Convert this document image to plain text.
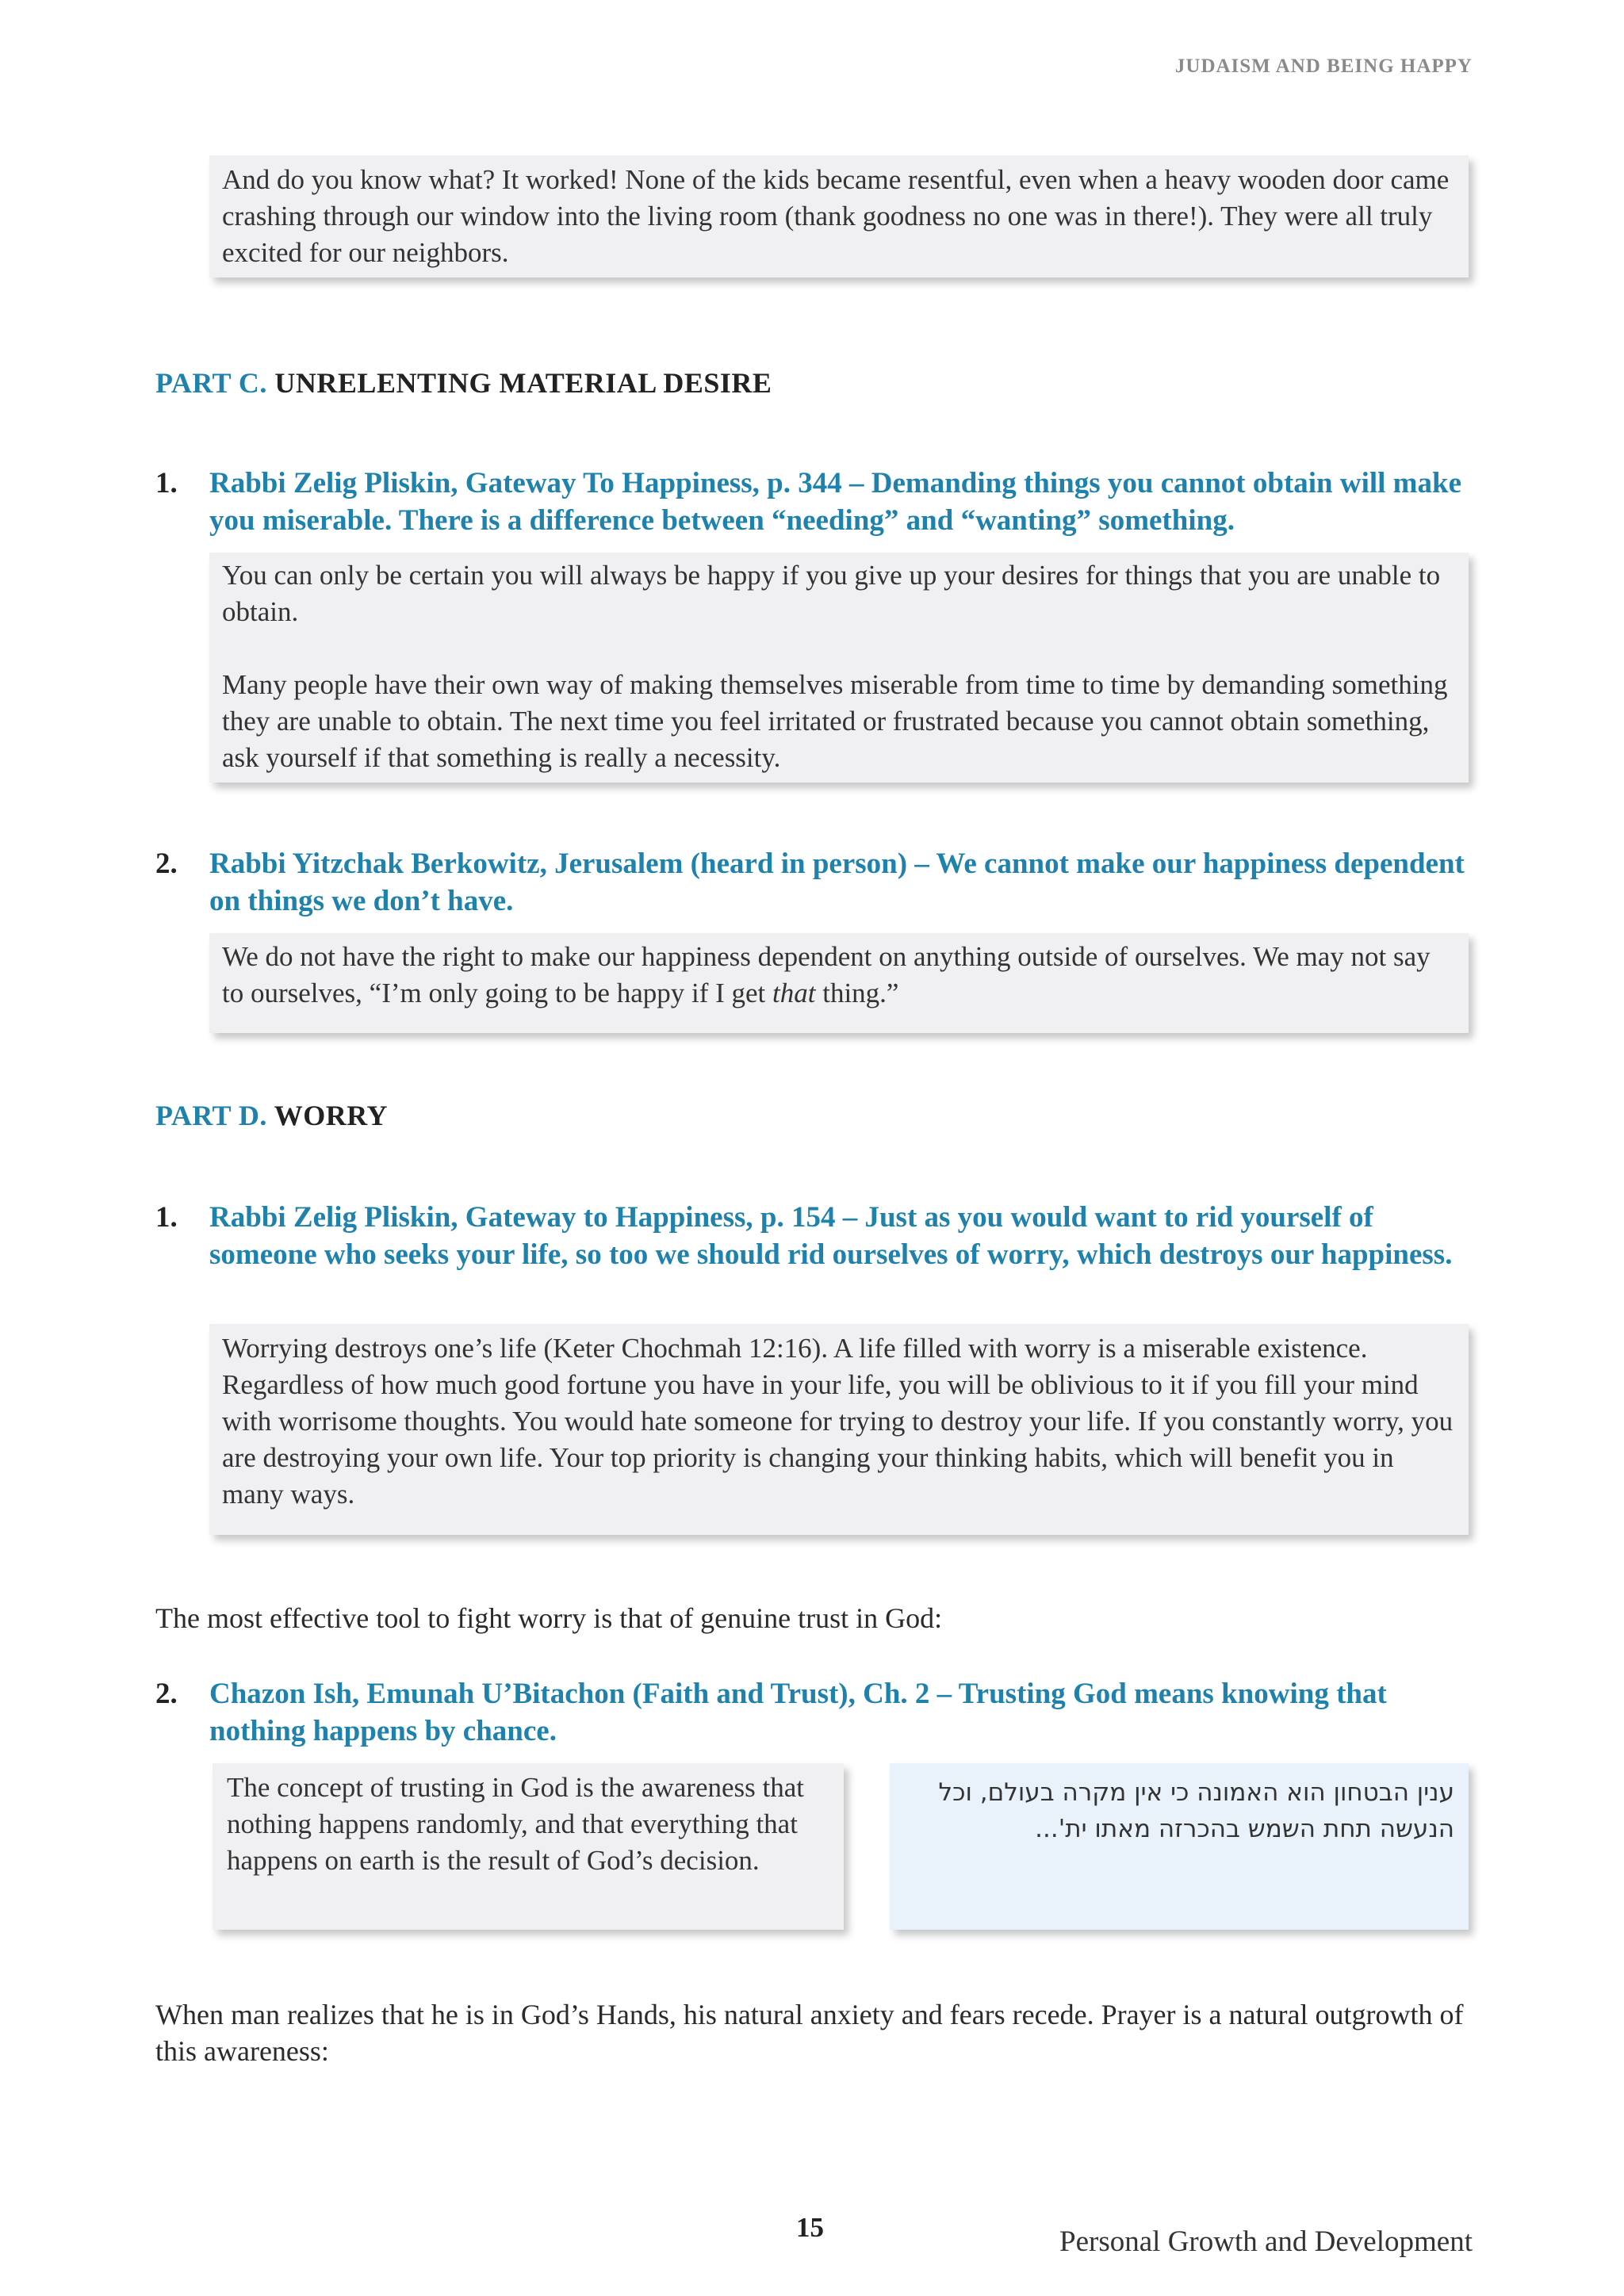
JUDAISM AND BEING HAPPY

And do you know what? It worked! None of the kids became resentful, even when a heavy wooden door came crashing through our window into the living room (thank goodness no one was in there!). They were all truly excited for our neighbors.

PART C. UNRELENTING MATERIAL DESIRE
1.	Rabbi Zelig Pliskin, Gateway To Happiness, p. 344 – Demanding things you cannot obtain will make you miserable. There is a difference between “needing” and “wanting” something.

You can only be certain you will always be happy if you give up your desires for things that you are unable to obtain.

Many people have their own way of making themselves miserable from time to time by demanding something they are unable to obtain. The next time you feel irritated or frustrated because you cannot obtain something, ask yourself if that something is really a necessity.

2.	Rabbi Yitzchak Berkowitz, Jerusalem (heard in person) – We cannot make our happiness dependent on things we don’t have.

We do not have the right to make our happiness dependent on anything outside of ourselves. We may not say to ourselves, “I’m only going to be happy if I get that thing.”

PART D. WORRY
1.	Rabbi Zelig Pliskin, Gateway to Happiness, p. 154 – Just as you would want to rid yourself of someone who seeks your life, so too we should rid ourselves of worry, which destroys our happiness.

Worrying destroys one’s life (Keter Chochmah 12:16). A life filled with worry is a miserable existence. Regardless of how much good fortune you have in your life, you will be oblivious to it if you fill your mind with worrisome thoughts. You would hate someone for trying to destroy your life. If you constantly worry, you are destroying your own life. Your top priority is changing your thinking habits, which will benefit you in many ways.

The most effective tool to fight worry is that of genuine trust in God:
2.	Chazon Ish, Emunah U’Bitachon (Faith and Trust), Ch. 2 – Trusting God means knowing that nothing happens by chance.

The concept of trusting in God is the awareness that nothing happens randomly, and that everything that happens on earth is the result of God’s decision.

ענין הבטחון הוא האמונה כי אין מקרה בעולם, וכל
הנעשה תחת השמש בהכרזה מאתו ית'...
When man realizes that he is in God’s Hands, his natural anxiety and fears recede. Prayer is a natural outgrowth of this awareness:
15	Personal Growth and Development
